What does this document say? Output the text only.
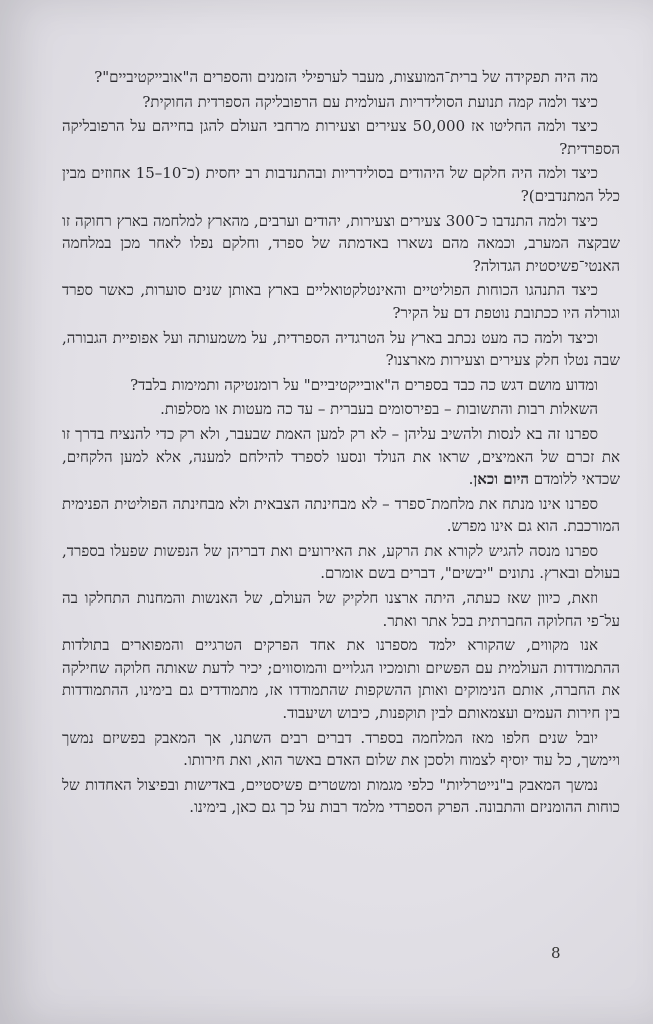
מה היה תפקידה של ברית־המועצות, מעבר לערפילי הזמנים והספרים ה"אובייקטיביים"?

כיצד ולמה קמה תנועת הסולידריות העולמית עם הרפובליקה הספרדית החוקית?

כיצד ולמה החליטו אז 50,000 צעירים וצעירות מרחבי העולם להגן בחייהם על הרפובליקה הספרדית?

כיצד ולמה היה חלקם של היהודים בסולידריות ובהתנדבות רב יחסית (כ־10–15 אחוזים מבין כלל המתנדבים)?

כיצד ולמה התנדבו כ־300 צעירים וצעירות, יהודים וערבים, מהארץ למלחמה בארץ רחוקה זו שבקצה המערב, וכמאה מהם נשארו באדמתה של ספרד, וחלקם נפלו לאחר מכן במלחמה האנטי־פשיסטית הגדולה?

כיצד התנהגו הכוחות הפוליטיים והאינטלקטואליים בארץ באותן שנים סוערות, כאשר ספרד וגורלה היו ככתובת נוטפת דם על הקיר?

וכיצד ולמה כה מעט נכתב בארץ על הטרגדיה הספרדית, על משמעותה ועל אפופיית הגבורה, שבה נטלו חלק צעירים וצעירות מארצנו?

ומדוע מושם דגש כה כבד בספרים ה"אובייקטיביים" על רומנטיקה ותמימות בלבד?

השאלות רבות והתשובות – בפירסומים בעברית – עד כה מעטות או מסלפות.

ספרנו זה בא לנסות ולהשיב עליהן – לא רק למען האמת שבעבר, ולא רק כדי להנציח בדרך זו את זכרם של האמיצים, שראו את הנולד ונסעו לספרד להילחם למענה, אלא למען הלקחים, שכדאי ללומדם היום וכאן.

ספרנו אינו מנתח את מלחמת־ספרד – לא מבחינתה הצבאית ולא מבחינתה הפוליטית הפנימית המורכבת. הוא גם אינו מפרש.

ספרנו מנסה להגיש לקורא את הרקע, את האירועים ואת דבריהן של הנפשות שפעלו בספרד, בעולם ובארץ. נתונים "יבשים", דברים בשם אומרם.

וזאת, כיוון שאז כעתה, היתה ארצנו חלקיק של העולם, של האנשות והמחנות התחלקו בה על־פי החלוקה החברתית בכל אתר ואתר.

אנו מקווים, שהקורא ילמד מספרנו את אחד הפרקים הטרגיים והמפוארים בתולדות ההתמודדות העולמית עם הפשיזם ותומכיו הגלויים והמוסווים; יכיר לדעת שאותה חלוקה שחילקה את החברה, אותם הנימוקים ואותן ההשקפות שהתמודדו אז, מתמודדים גם בימינו, ההתמודדות בין חירות העמים ועצמאותם לבין תוקפנות, כיבוש ושיעבוד.

יובל שנים חלפו מאז המלחמה בספרד. דברים רבים השתנו, אך המאבק בפשיזם נמשך ויימשך, כל עוד יוסיף לצמוח ולסכן את שלום האדם באשר הוא, ואת חירותו.

נמשך המאבק ב"נייטרליות" כלפי מגמות ומשטרים פשיסטיים, באדישות ובפיצול האחדות של כוחות ההומניזם והתבונה. הפרק הספרדי מלמד רבות על כך גם כאן, בימינו.

8
